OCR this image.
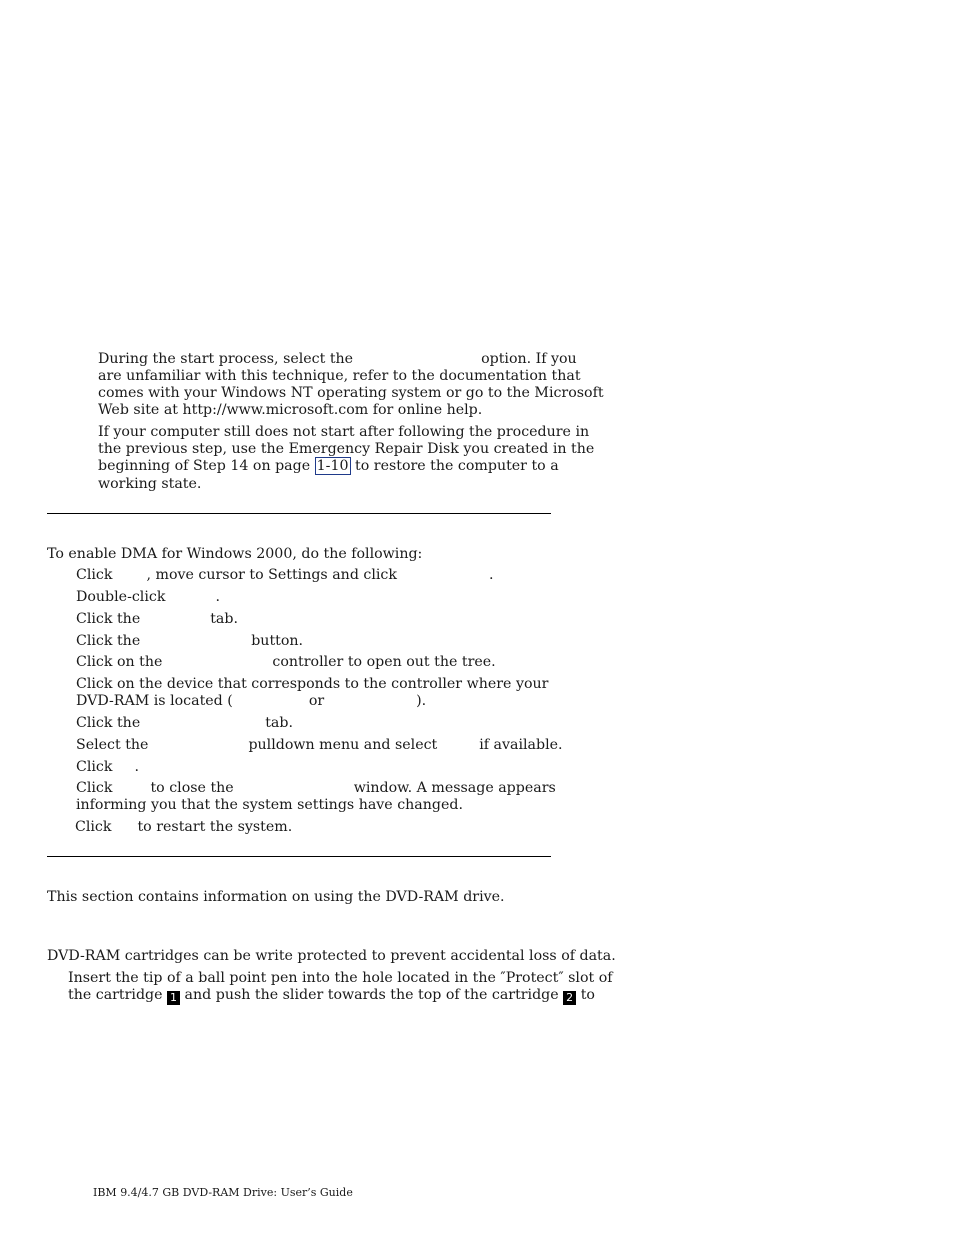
During the start process, select the	option. If you
are unfamiliar with this technique, refer to the documentation that
comes with your Windows NT operating system or go to the Microsoft
Web site at http://www.microsoft.com for online help.
If your computer still does not start after following the procedure in
the previous step, use the Emergency Repair Disk you created in the
beginning of Step 14 on page 1-10 to restore the computer to a
working state.
To enable DMA for Windows 2000, do the following:
Click , move cursor to Settings and click	.
Double-click	.
Click the	tab.
Click the	button.
Click on the	controller to open out the tree.
Click on the device that corresponds to the controller where your
DVD-RAM is located (	or	).
Click the	tab.
Select the	pulldown menu and select	if available.
Click .
Click	to close the	window. A message appears
informing you that the system settings have changed.
Click to restart the system.
This section contains information on using the DVD-RAM drive.
DVD-RAM cartridges can be write protected to prevent accidental loss of data.
Insert the tip of a ball point pen into the hole located in the ″Protect″ slot of
the cartridge 1 and push the slider towards the top of the cartridge 2 to
IBM 9.4/4.7 GB DVD-RAM Drive: User’s Guide
